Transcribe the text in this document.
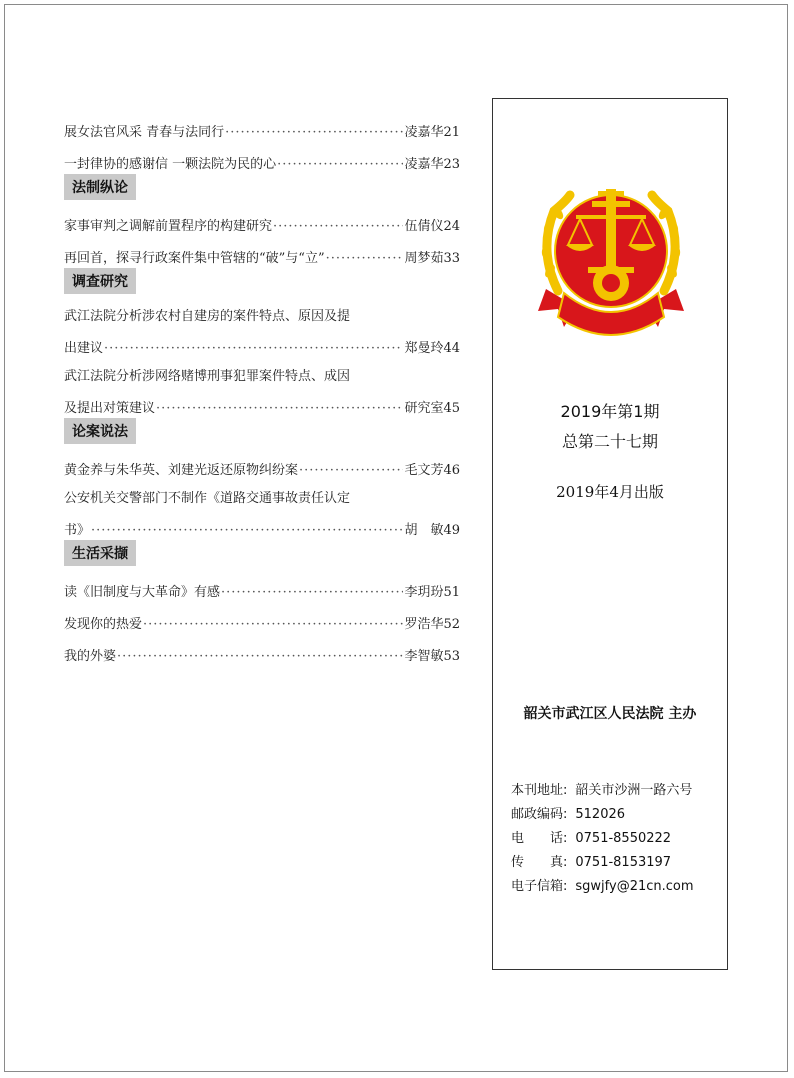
展女法官风采 青春与法同行 ·····	凌嘉华21
一封律协的感谢信 一颗法院为民的心 ·····	凌嘉华23
法制纵论
家事审判之调解前置程序的构建研究 ·····	伍倩仪24
再回首，探寻行政案件集中管辖的“破”与“立” ·····	周梦茹33
调查研究
武江法院分析涉农村自建房的案件特点、原因及提
出建议 ·····	郑曼玲44
武江法院分析涉网络赌博刑事犯罪案件特点、成因
及提出对策建议 ·····	研究室45
论案说法
黄金养与朱华英、刘建光返还原物纠纷案 ·····	毛文芳46
公安机关交警部门不制作《道路交通事故责任认定
书》 ·····	胡　敏49
生活采撷
读《旧制度与大革命》有感 ·····	李玥玢51
发现你的热爱 ·····	罗浩华52
我的外婆 ·····	李智敏53
2019年第1期
总第二十七期
2019年4月出版
韶关市武江区人民法院 主办
本刊地址: 韶关市沙洲一路六号
邮政编码: 512026
电　　话: 0751-8550222
传　　真: 0751-8153197
电子信箱: sgwjfy@21cn.com
